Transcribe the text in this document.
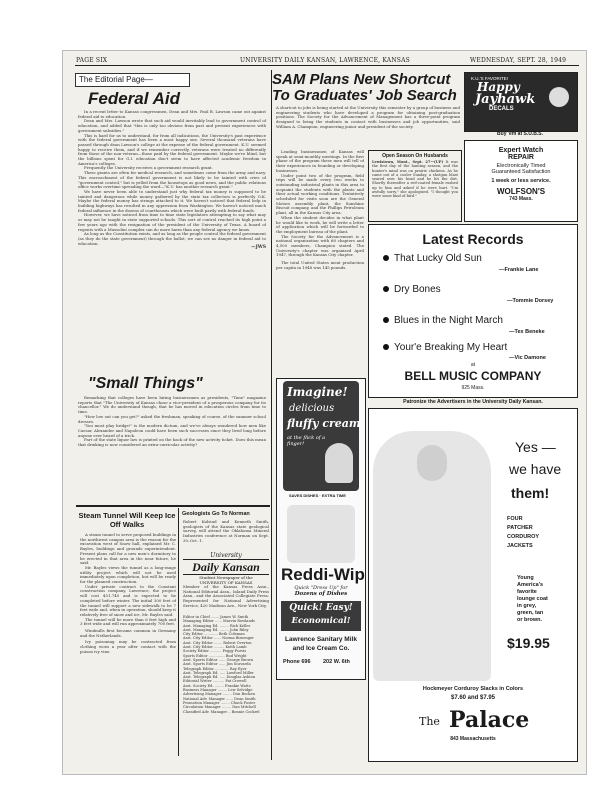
PAGE SIX	UNIVERSITY DAILY KANSAN, LAWRENCE, KANSAS	WEDNESDAY, SEPT. 28, 1949
The Editorial Page—
Federal Aid
In a recent letter to Kansas congressmen, Dean and Mrs. Paul B. Lawson came out against federal aid to education.
Dean and Mrs. Lawson wrote that such aid would inevitably lead to government control of education, and added that "this is only too obvious from past and present experiences with government subsidies."
This is hard for us to understand, for from all indications, the University's past experience with the federal government has been a most happy one. Several thousand veterans have passed through dean Lawson's college at the expense of the federal government. K.U. seemed happy to receive them, and if we remember correctly, veterans were treated no differently from those of the non-veteran—those paid by the federal government. Maybe we're blind, but the billions spent for G.I. education don't seem to have affected academic freedom in America's colleges.
Frequently the University receives a government research grant.
These grants are often for medical research, and sometimes come from the army and navy. This encroachment of the federal government is not likely to be tainted with cries of "government control," but is yelled from the housetops as good news, and the public relations office works overtime spreading the word—"K.U. has another research grant."
We have never been able to understand just why federal tax money is supposed to be tainted and dangerous while money gathered by the state tax collectors is perfectly O.K. Maybe the federal money has strings attached to it. We haven't noticed that federal help in building highways has resulted in any oppression from Washington. We haven't noticed much federal influence in the dozens of courthouses which were built partly with federal funds.
However, we have noticed from time to time state legislators attempting to say what may or may not be taught in state supported schools. This sort of control reached its high point a few years ago with the resignation of the president of the University of Texas. A board of regents with a Mussolini complex can do more harm than any federal agency we know.
As long as the Constitution exists, and as long as the people control the federal government (as they do the state government) through the ballot, we can see no danger in federal aid to education.
—JWS
"Small Things"
Remarking that colleges have been hiring businessmen as presidents, "Time" magazine reports that "The University of Kansas chose a vice-president of a prosperous company for its chancellor." We do understand though, that he has moved in education circles from time to time.
"How low out can you get?" asked the freshman, speaking of course, of the summer school dresses.
"You must play bridge!" is the modern dictum, and we've always wondered how men like Caesar, Alexander and Napoleon could have been such successes since they lived long before anyone ever heard of a trick.
Part of the state liquor law is printed on the back of the new activity ticket. Does this mean that drinking is now considered an extra-curricular activity?
Steam Tunnel Will Keep Ice Off Walks
A steam tunnel to serve proposed buildings in the northwest campus area is the reason for the excavation west of Snow hall, explained Mr. C. Bayles, buildings and grounds superintendent. Present plans call for a new men's dormitory to be erected in that area in the near future, he said.
Mr. Bayles views the tunnel as a long-range utility project which will not be used immediately upon completion, but will be ready for the planned construction.
Under private contract to the Constant construction company, Lawrence, the project will cost $51,740 and is expected to be completed before winter. The initial 300 feet of the tunnel will support a new sidewalk to be 7 feet wide and, when in operation, should keep it relatively free of snow and ice, Mr. Bayles said.
The tunnel will be more than 6 feet high and 3 feet wide and will run approximately 700 feet.
Windmills first became common in Germany and the Netherlands.
Ivy poisoning may be contracted from clothing worn a year after contact with the poison ivy vine.
Geologists Go To Norman
Robert Kulstad and Kenneth Smith, geologists of the Kansas state geological survey, will attend the Oklahoma Mineral Industries conference at Norman on Sept. 30–Oct. 1.
University
Daily Kansan
Student Newspaper of the
UNIVERSITY OF KANSAS
Member of the Kansas Press Assn., National Editorial Assn., Inland Daily Press Assn., and the Associated Collegiate Press. Represented for National Advertising Service, 420 Madison Ave., New York City.
Editor in Chief ....... James W. Smith
Managing Editor ...... Marvin Rowlands
Asst. Managing Ed. ........ Rich Keller
Asst. Managing Ed. ........ John Riley
City Editor ............ Beth Coleman
Asst. City Editor ...... Norma Bissenger
Asst. City Editor ....... Robert Overton
Asst. City Editor ......... Keith Lamb
Society Editor .......... Peggy Purvis
Sports Editor .............. Bud Wright
Asst. Sports Editor ...... George Brown
Asst. Sports Editor ...... Jim Scavarda
Telegraph Editor ............ Ray Eyer
Asst. Telegraph Ed. ..... Lawford Miller
Asst. Telegraph Ed. ..... Douglas Ashton
Editorial Writer .......... Pat Crowell
Asst. Society Ed. ........ Frankie Watts
Business Manager ........ Lew Selvidge
Advertising Manager ........ Don Bocken
National Adv. Manager ...... Dean Smith
Promotion Manager ........ Chuck Foster
Circulation Manager ........ Dan Mitchell
Classified Adv. Manager .. Bonnie Cockrel
SAM Plans New Shortcut
To Graduates' Job Search
A shortcut to jobs is being started at the University this semester by a group of business and engineering students who have developed a program for obtaining post-graduation positions. The Society for the Advancement of Management has a three-point program designed to bring the students in contact with businesses and job opportunities, said William A. Champion, engineering junior and president of the society.
Leading businessmen of Kansas will speak at semi-monthly meetings. In the first phase of the program these men will tell of their experiences in founding or developing businesses.
Under point two of the program, field trips will be made every two weeks to outstanding industrial plants in this area to acquaint the students with the plants and their actual working conditions. Tentatively scheduled for visits soon are the General Motors assembly plant, the Sunshine Biscuit company, and the Phillips Petroleum plant, all in the Kansas City area.
When the student decides in what plant he would like to work, he will write a letter of application which will be forwarded to the employment bureau of the plant.
The Society for the Advancement is a national organization with 68 chapters and 4,500 members, Champion stated. The University's chapter was organized April 1947, through the Kansas City chapter.
The total United States meat production per capita in 1948 was 145 pounds.
Open Season On Husbands
Lewistown, Mont., Sept. 27—(UP) It was the first day of the hunting season, and the hunter's mind was on prairie chickens. As he came out of a cooler Sunday, a shotgun blast seared over his head and he hit the dirt. Shortly thereafter a red-coated female rushed up to him and asked if he were hurt. "I'm awfully sorry," she apologized. "I thought you were some kind of bird."
K.U.'S FAVORITE!
Happy
Jayhawk
DECALS
Buy 'em at S.U.B.S.
Expert Watch
REPAIR
Electronically Timed
Guaranteed Satisfaction
1 week or less service.
WOLFSON'S
743 Mass.
Latest Records
That Lucky Old Sun
—Frankie Lane
Dry Bones
—Tommie Dorsey
Blues in the Night March
—Tex Beneke
Your'e Breaking My Heart
—Vic Damone
at
BELL MUSIC COMPANY
925 Mass.
Patronize the Advertisers in the University Daily Kansan.
Imagine!
delicious
fluffy cream
at the flick of a finger!
SAVES DISHES · EXTRA TIME
Reddi-Wip
Quick "Dress Up" for
Dozens of Dishes
Quick! Easy!
Economical!
Lawrence Sanitary Milk
and Ice Cream Co.
Phone 696 202 W. 6th
Yes —
we have
them!
FOUR
PATCHER
CORDUROY
JACKETS
Young
America's
favorite
lounge coat
in grey,
green, tan
or brown.
$19.95
Hockmeyer Corduroy Slacks in Colors
$7.60 and $7.95
The Palace
843 Massachusetts
